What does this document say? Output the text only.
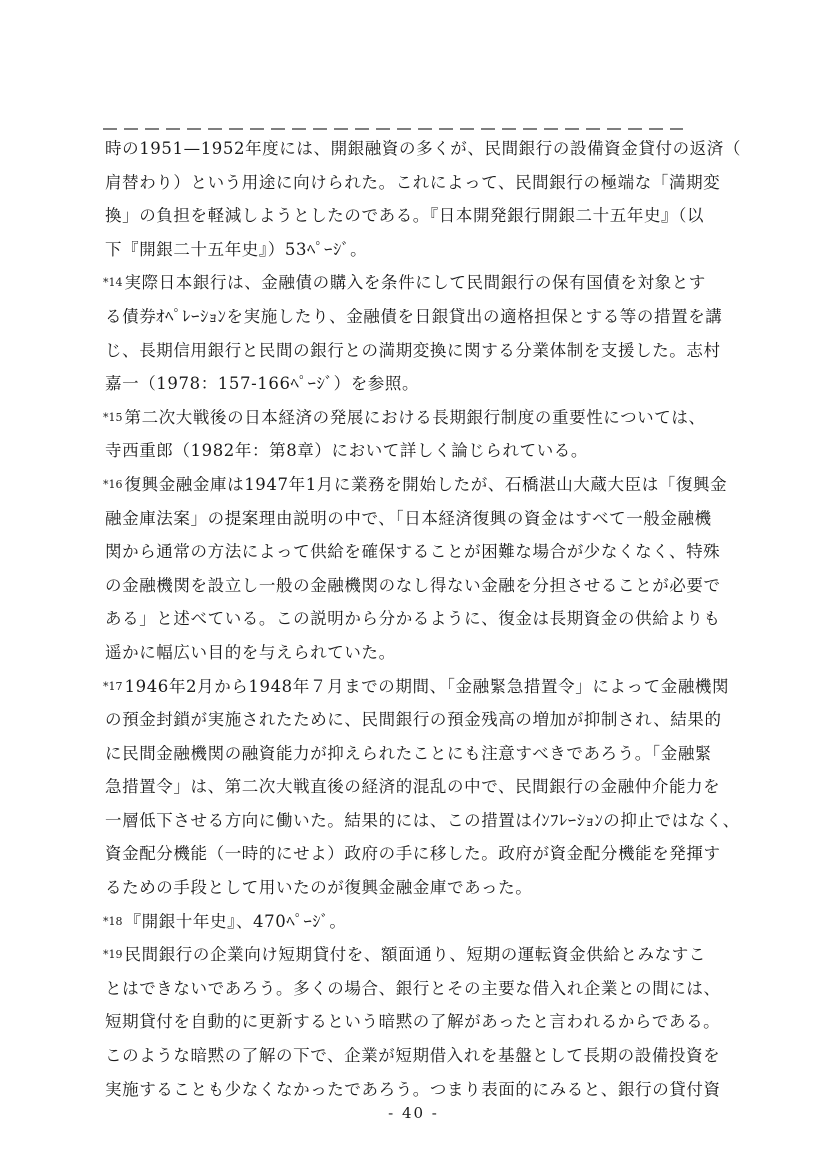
時の1951—1952年度には、開銀融資の多くが、民間銀行の設備資金貸付の返済（
肩替わり）という用途に向けられた。これによって、民間銀行の極端な「満期変
換」の負担を軽減しようとしたのである。『日本開発銀行開銀二十五年史』（以
下『開銀二十五年史』）53ﾍﾟｰｼﾞ。
*14 実際日本銀行は、金融債の購入を条件にして民間銀行の保有国債を対象とす
る債券ｵﾍﾟﾚｰｼｮﾝを実施したり、金融債を日銀貸出の適格担保とする等の措置を講
じ、長期信用銀行と民間の銀行との満期変換に関する分業体制を支援した。志村
嘉一（1978：157-166ﾍﾟｰｼﾞ）を参照。
*15 第二次大戦後の日本経済の発展における長期銀行制度の重要性については、
寺西重郎（1982年：第8章）において詳しく論じられている。
*16 復興金融金庫は1947年1月に業務を開始したが、石橋湛山大蔵大臣は「復興金
融金庫法案」の提案理由説明の中で、「日本経済復興の資金はすべて一般金融機
関から通常の方法によって供給を確保することが困難な場合が少なくなく、特殊
の金融機関を設立し一般の金融機関のなし得ない金融を分担させることが必要で
ある」と述べている。この説明から分かるように、復金は長期資金の供給よりも
遥かに幅広い目的を与えられていた。
*17 1946年2月から1948年７月までの期間、「金融緊急措置令」によって金融機関
の預金封鎖が実施されたために、民間銀行の預金残高の増加が抑制され、結果的
に民間金融機関の融資能力が抑えられたことにも注意すべきであろう。「金融緊
急措置令」は、第二次大戦直後の経済的混乱の中で、民間銀行の金融仲介能力を
一層低下させる方向に働いた。結果的には、この措置はｲﾝﾌﾚｰｼｮﾝの抑止ではなく、
資金配分機能（一時的にせよ）政府の手に移した。政府が資金配分機能を発揮す
るための手段として用いたのが復興金融金庫であった。
*18 『開銀十年史』、470ﾍﾟｰｼﾞ。
*19 民間銀行の企業向け短期貸付を、額面通り、短期の運転資金供給とみなすこ
とはできないであろう。多くの場合、銀行とその主要な借入れ企業との間には、
短期貸付を自動的に更新するという暗黙の了解があったと言われるからである。
このような暗黙の了解の下で、企業が短期借入れを基盤として長期の設備投資を
実施することも少なくなかったであろう。つまり表面的にみると、銀行の貸付資
- 40 -
